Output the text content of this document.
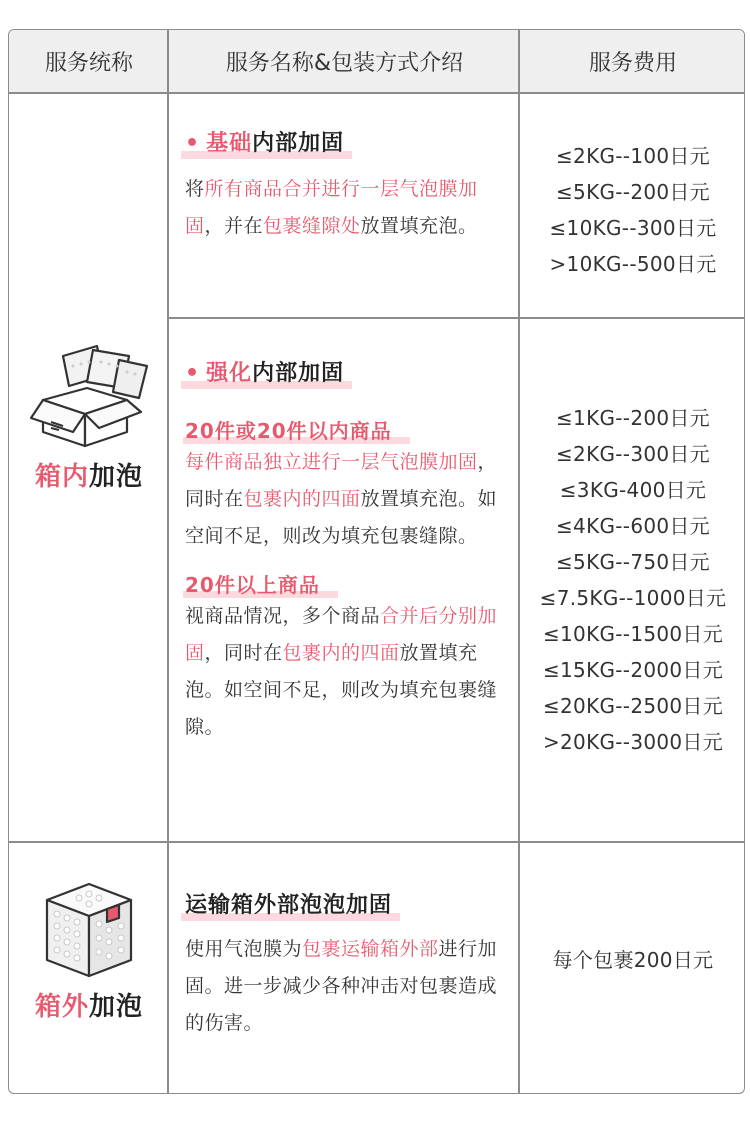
服务统称	服务名称&包装方式介绍	服务费用
箱内加泡
• 基础内部加固
将所有商品合并进行一层气泡膜加固，并在包裹缝隙处放置填充泡。
≤2KG--100日元
≤5KG--200日元
≤10KG--300日元
>10KG--500日元
• 强化内部加固
20件或20件以内商品
每件商品独立进行一层气泡膜加固，同时在包裹内的四面放置填充泡。如空间不足，则改为填充包裹缝隙。
20件以上商品
视商品情况，多个商品合并后分别加固，同时在包裹内的四面放置填充泡。如空间不足，则改为填充包裹缝隙。
≤1KG--200日元
≤2KG--300日元
≤3KG-400日元
≤4KG--600日元
≤5KG--750日元
≤7.5KG--1000日元
≤10KG--1500日元
≤15KG--2000日元
≤20KG--2500日元
>20KG--3000日元
箱外加泡
运输箱外部泡泡加固
使用气泡膜为包裹运输箱外部进行加固。进一步减少各种冲击对包裹造成的伤害。
每个包裹200日元
